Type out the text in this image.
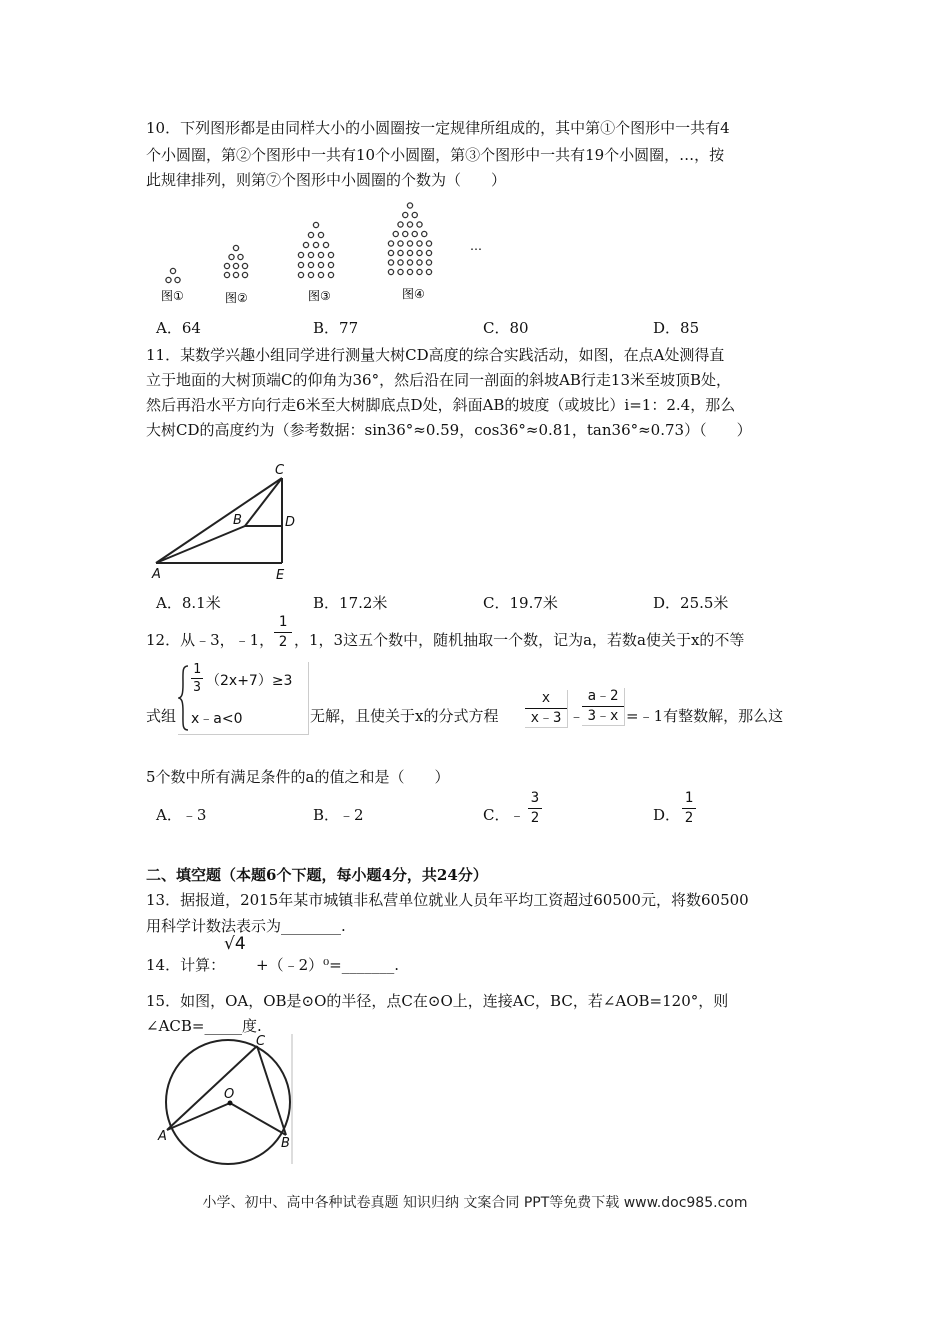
10．下列图形都是由同样大小的小圆圈按一定规律所组成的，其中第①个图形中一共有4
个小圆圈，第②个图形中一共有10个小圆圈，第③个图形中一共有19个小圆圈，…，按
此规律排列，则第⑦个图形中小圆圈的个数为（　　）
图①	图②	图③	图④
…
A．64	B．77	C．80	D．85
11．某数学兴趣小组同学进行测量大树CD高度的综合实践活动，如图，在点A处测得直
立于地面的大树顶端C的仰角为36°，然后沿在同一剖面的斜坡AB行走13米至坡顶B处，
然后再沿水平方向行走6米至大树脚底点D处，斜面AB的坡度（或坡比）i=1：2.4，那么
大树CD的高度约为（参考数据：sin36°≈0.59，cos36°≈0.81，tan36°≈0.73）（　　）
C
B	D
A	E
A．8.1米	B．17.2米	C．19.7米	D．25.5米
12．从﹣3，﹣1，
1
2 ，1，3这五个数中，随机抽取一个数，记为a，若数a使关于x的不等
式组
1
3 （2x+7）≥3
x﹣a<0	无解，且使关于x的分式方程
x
x﹣3 ﹣
a﹣2
3﹣x =﹣1有整数解，那么这
5个数中所有满足条件的a的值之和是（　　）
A．﹣3	B．﹣2	C．﹣
3
2	D．
1
2
二、填空题（本题6个下题，每小题4分，共24分）
13．据报道，2015年某市城镇非私营单位就业人员年平均工资超过60500元，将数60500
用科学计数法表示为________.
14．计算：
√4
+（﹣2）⁰=_______.
15．如图，OA，OB是⊙O的半径，点C在⊙O上，连接AC，BC，若∠AOB=120°，则
∠ACB=_____度.
C
O
A	B
小学、初中、高中各种试卷真题 知识归纳 文案合同 PPT等免费下载 www.doc985.com
